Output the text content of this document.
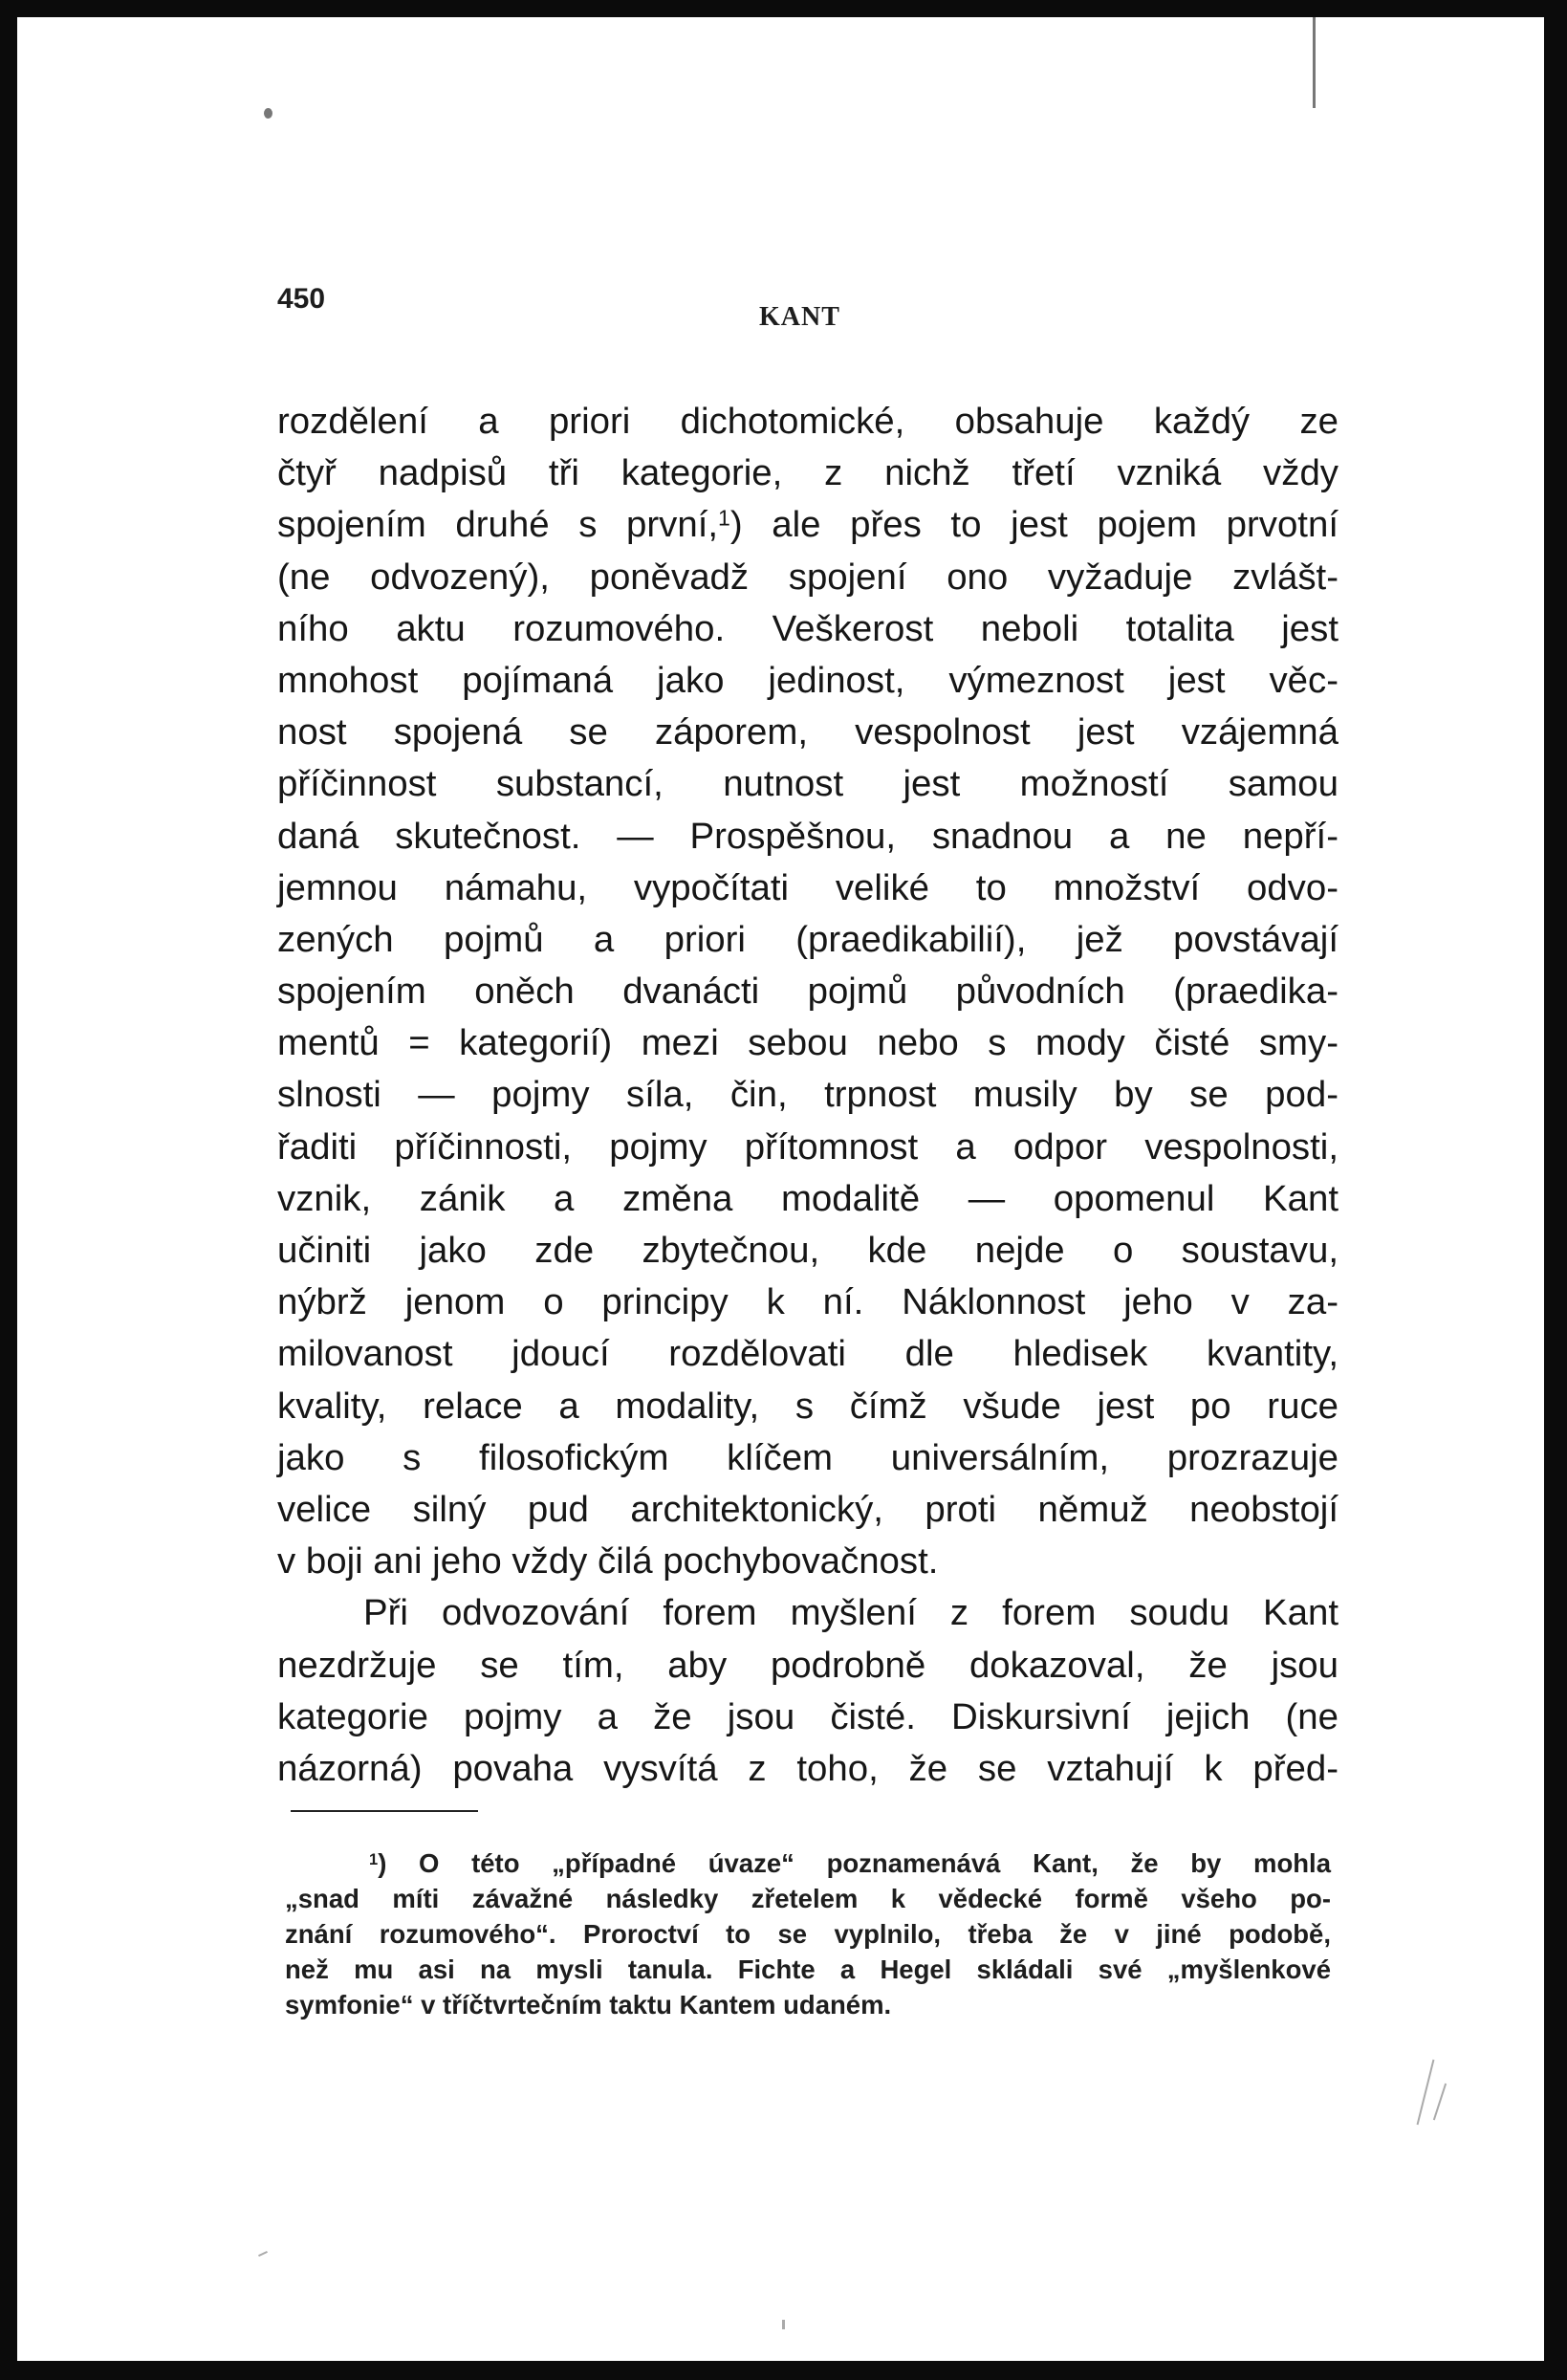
450
KANT
rozdělení a priori dichotomické, obsahuje každý ze
čtyř nadpisů tři kategorie, z nichž třetí vzniká vždy
spojením druhé s první,$^1$) ale přes to jest pojem prvotní
(ne odvozený), poněvadž spojení ono vyžaduje zvlášt-
ního aktu rozumového. Veškerost neboli totalita jest
mnohost pojímaná jako jedinost, výmeznost jest věc-
nost spojená se záporem, vespolnost jest vzájemná
příčinnost substancí, nutnost jest možností samou
daná skutečnost. — Prospěšnou, snadnou a ne nepří-
jemnou námahu, vypočítati veliké to množství odvo-
zených pojmů a priori (praedikabilií), jež povstávají
spojením oněch dvanácti pojmů původních (praedika-
mentů = kategorií) mezi sebou nebo s mody čisté smy-
slnosti — pojmy síla, čin, trpnost musily by se pod-
řaditi příčinnosti, pojmy přítomnost a odpor vespolnosti,
vznik, zánik a změna modalitě — opomenul Kant
učiniti jako zde zbytečnou, kde nejde o soustavu,
nýbrž jenom o principy k ní. Náklonnost jeho v za-
milovanost jdoucí rozdělovati dle hledisek kvantity,
kvality, relace a modality, s čímž všude jest po ruce
jako s filosofickým klíčem universálním, prozrazuje
velice silný pud architektonický, proti němuž neobstojí
v boji ani jeho vždy čilá pochybovačnost.
Při odvozování forem myšlení z forem soudu Kant
nezdržuje se tím, aby podrobně dokazoval, že jsou
kategorie pojmy a že jsou čisté. Diskursivní jejich (ne
názorná) povaha vysvítá z toho, že se vztahují k před-
$^1$) O této „případné úvaze“ poznamenává Kant, že by mohla
„snad míti závažné následky zřetelem k vědecké formě všeho po-
znání rozumového“. Proroctví to se vyplnilo, třeba že v jiné podobě,
než mu asi na mysli tanula. Fichte a Hegel skládali své „myšlenkové
symfonie“ v tříčtvrtečním taktu Kantem udaném.
